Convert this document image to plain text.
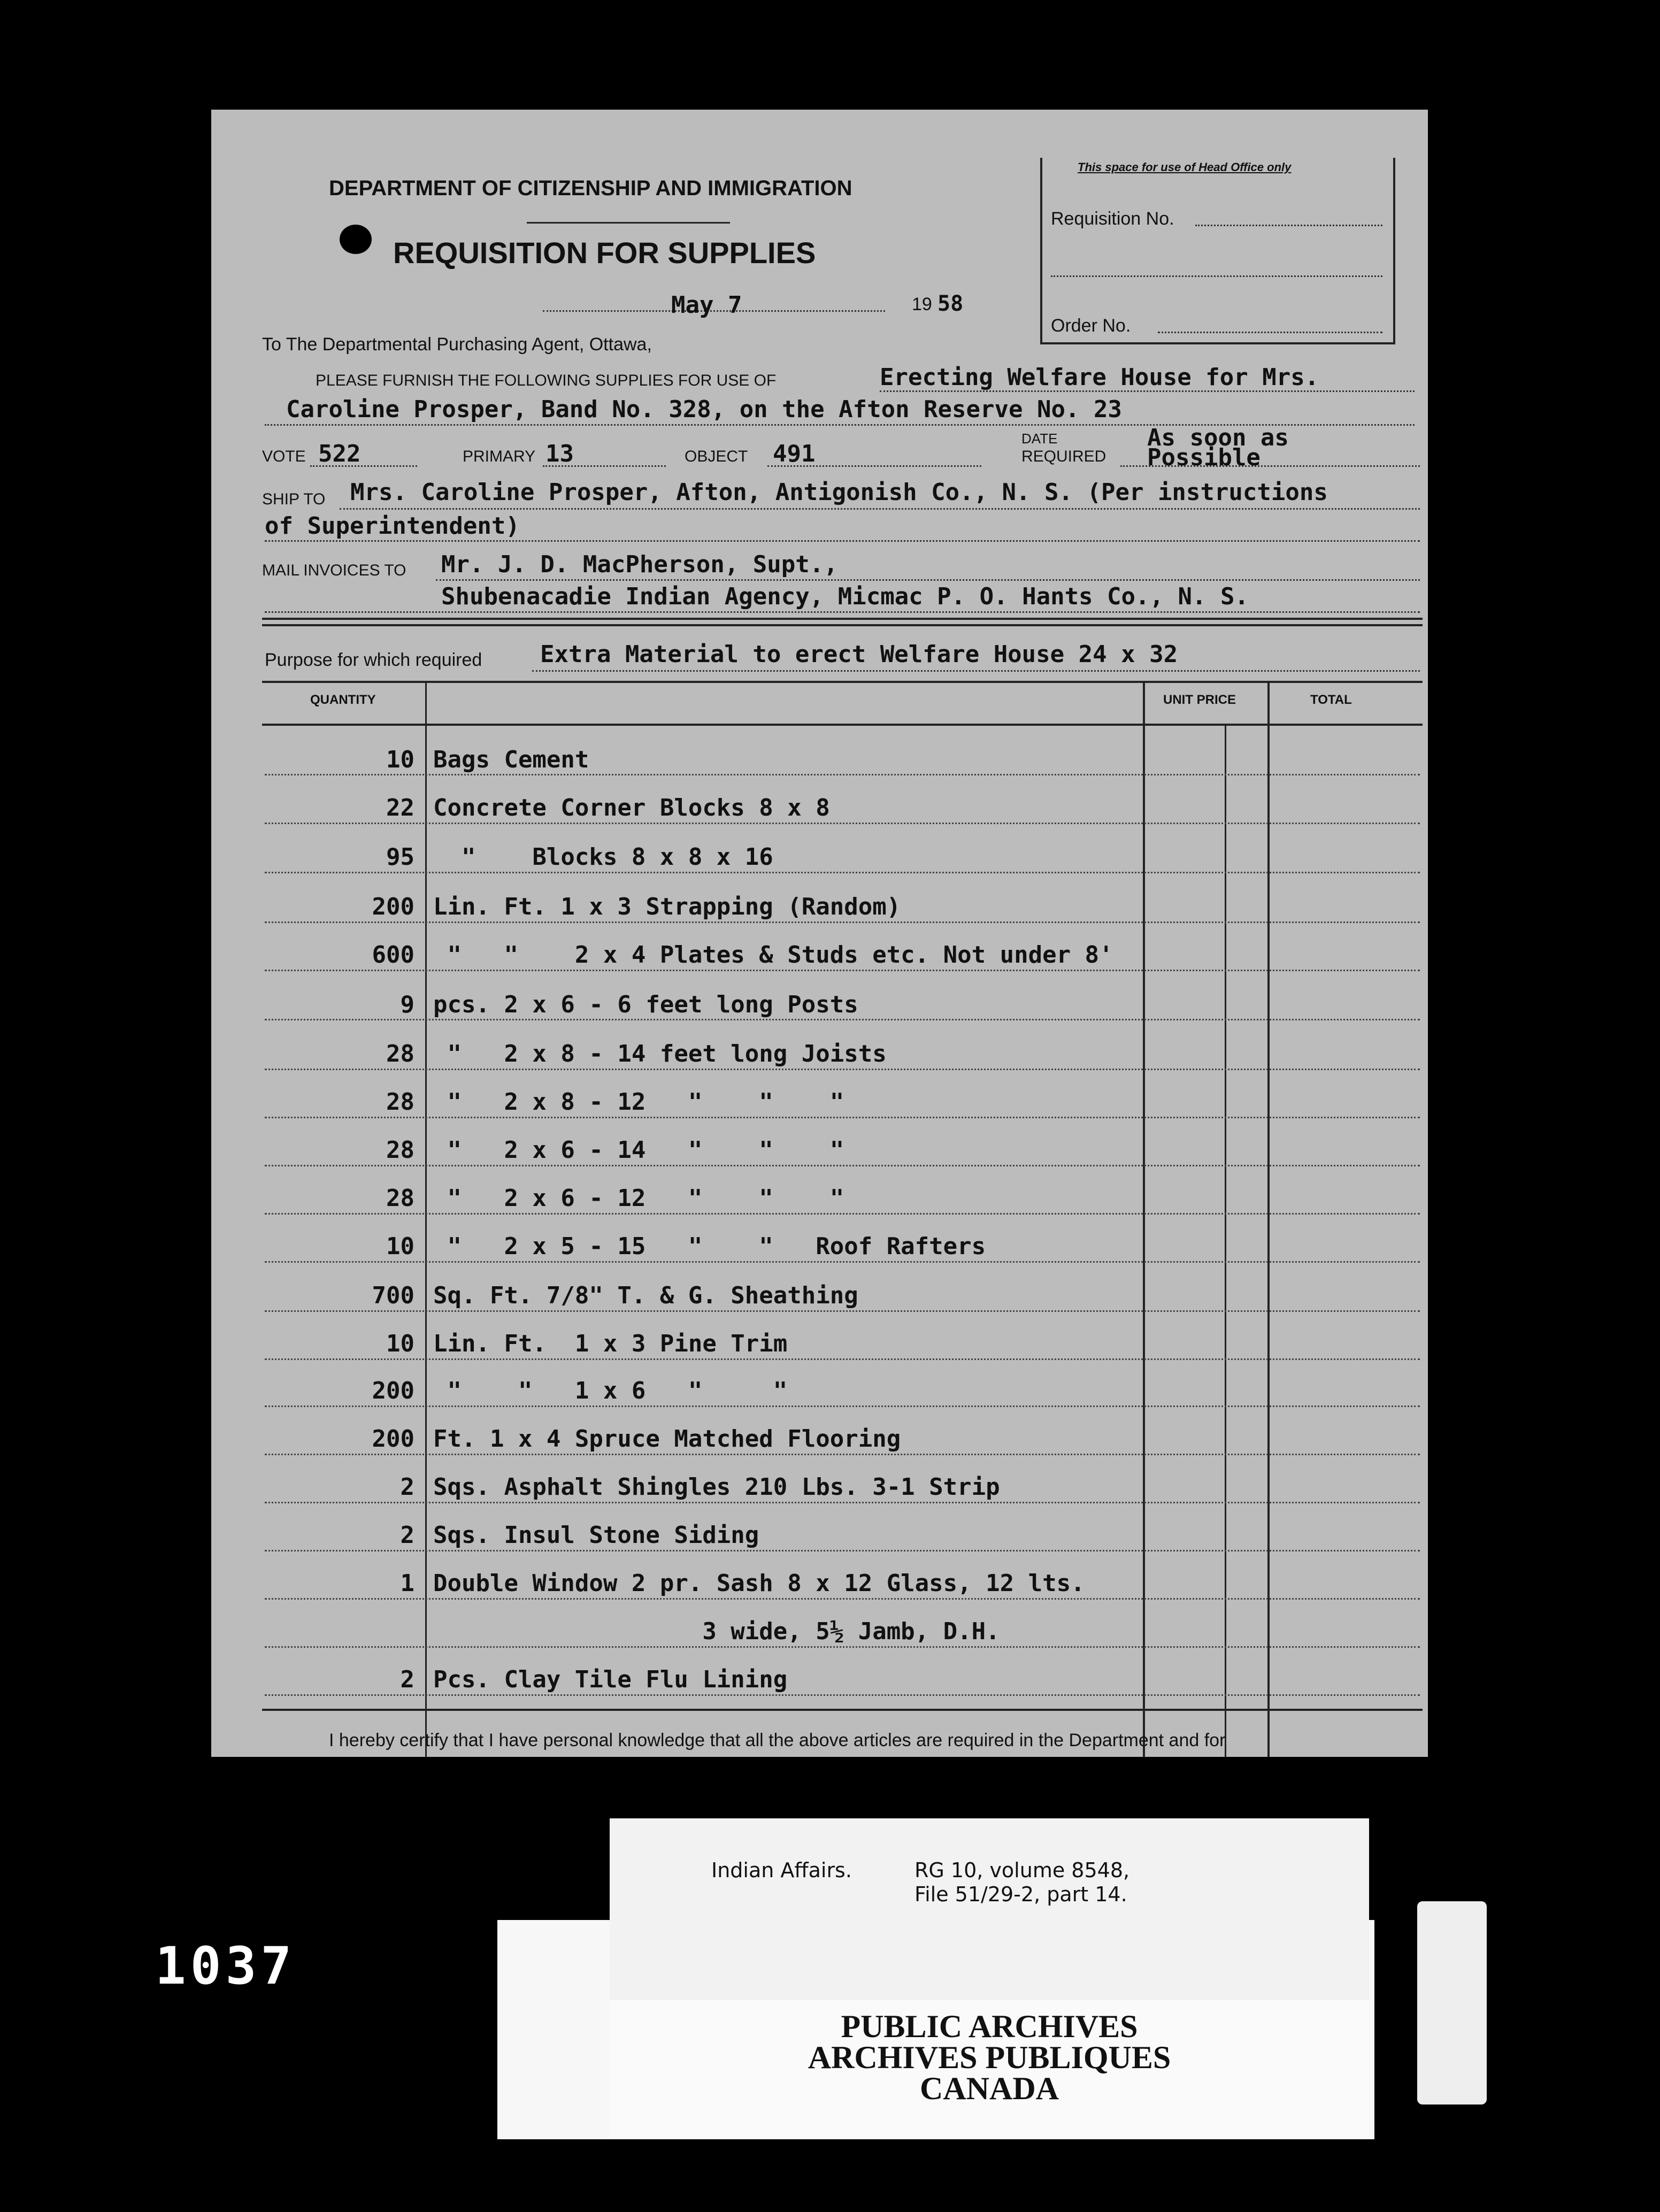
DEPARTMENT OF CITIZENSHIP AND IMMIGRATION
REQUISITION FOR SUPPLIES
This space for use of Head Office only
Requisition No.
Order No.
May 7	19 58
To The Departmental Purchasing Agent, Ottawa,
PLEASE FURNISH THE FOLLOWING SUPPLIES FOR USE OF	Erecting Welfare House for Mrs.
Caroline Prosper, Band No. 328, on the Afton Reserve No. 23
VOTE 522	PRIMARY 13	OBJECT 491
DATE
REQUIRED
As soon as
Possible
SHIP TO Mrs. Caroline Prosper, Afton, Antigonish Co., N. S. (Per instructions
of Superintendent)
MAIL INVOICES TO Mr. J. D. MacPherson, Supt.,
Shubenacadie Indian Agency, Micmac P. O. Hants Co., N. S.
Purpose for which required Extra Material to erect Welfare House 24 x 32
QUANTITY	UNIT PRICE	TOTAL
10 Bags Cement
22 Concrete Corner Blocks 8 x 8
95 "    Blocks 8 x 8 x 16
200 Lin. Ft. 1 x 3 Strapping (Random)
600 "   "    2 x 4 Plates & Studs etc. Not under 8'
9 pcs. 2 x 6 - 6 feet long Posts
28 "   2 x 8 - 14 feet long Joists
28 "   2 x 8 - 12   "    "    "
28 "   2 x 6 - 14   "    "    "
28 "   2 x 6 - 12   "    "    "
10 "   2 x 5 - 15   "    "   Roof Rafters
700 Sq. Ft. 7/8" T. & G. Sheathing
10 Lin. Ft.  1 x 3 Pine Trim
200 "    "   1 x 6   "     "
200 Ft. 1 x 4 Spruce Matched Flooring
2 Sqs. Asphalt Shingles 210 Lbs. 3-1 Strip
2 Sqs. Insul Stone Siding
1 Double Window 2 pr. Sash 8 x 12 Glass, 12 lts.
3 wide, 5½ Jamb, D.H.
2 Pcs. Clay Tile Flu Lining
I hereby certify that I have personal knowledge that all the above articles are required in the Department and for
Indian Affairs.	RG 10, volume 8548,
File 51/29-2, part 14.
PUBLIC ARCHIVES
ARCHIVES PUBLIQUES
CANADA
1037
